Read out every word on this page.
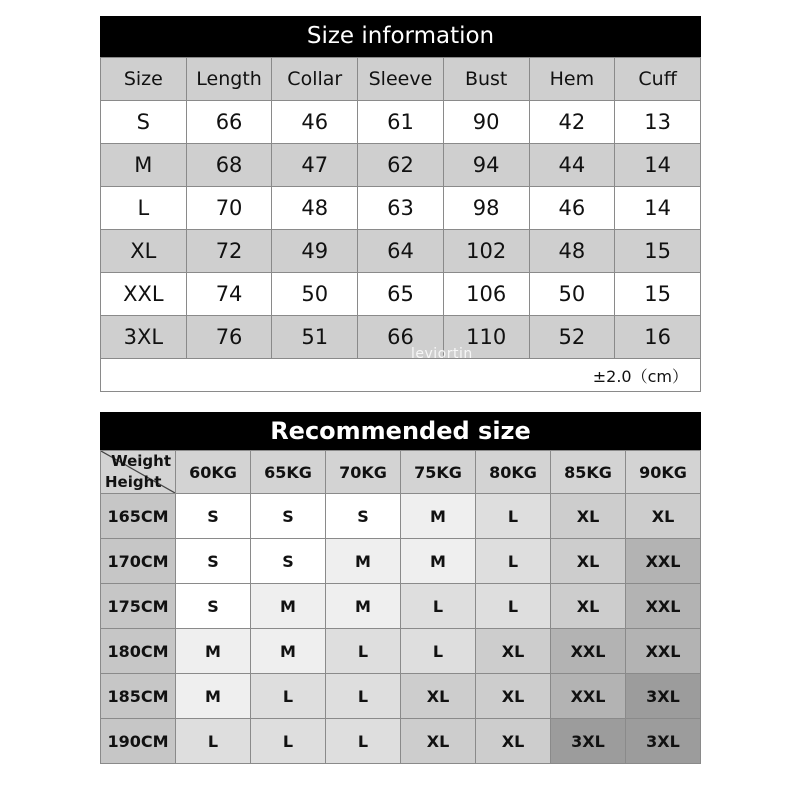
Size information
Size	Length	Collar	Sleeve	Bust	Hem	Cuff
S	66	46	61	90	42	13
M	68	47	62	94	44	14
L	70	48	63	98	46	14
XL	72	49	64	102	48	15
XXL	74	50	65	106	50	15
3XL	76	51	66	110	52	16
±2.0（cm）						
leviortin
Recommended size
Weight
Height	60KG	65KG	70KG	75KG	80KG	85KG	90KG
165CM	S	S	S	M	L	XL	XL
170CM	S	S	M	M	L	XL	XXL
175CM	S	M	M	L	L	XL	XXL
180CM	M	M	L	L	XL	XXL	XXL
185CM	M	L	L	XL	XL	XXL	3XL
190CM	L	L	L	XL	XL	3XL	3XL
